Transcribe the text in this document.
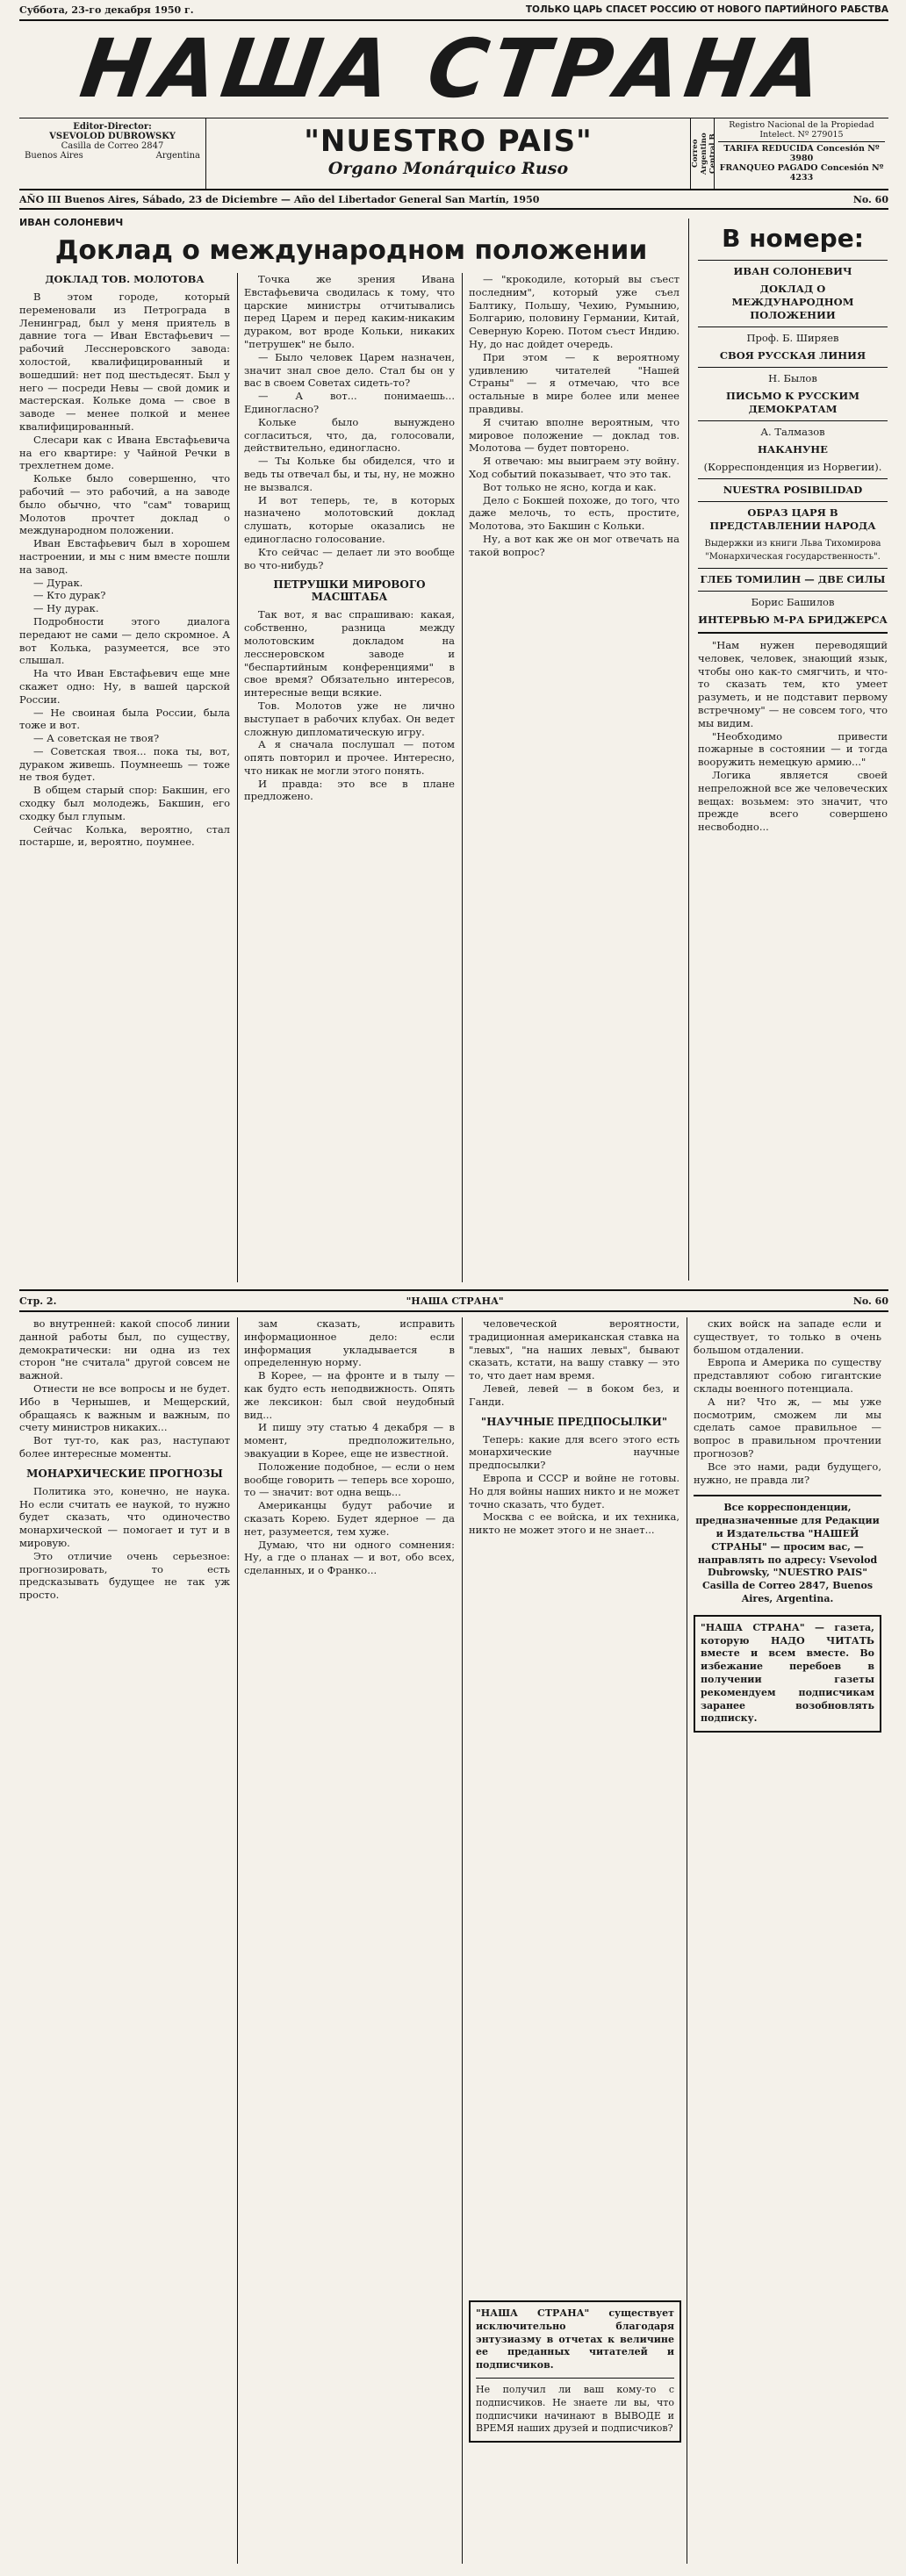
Суббота, 23-го декабря 1950 г.	ТОЛЬКО ЦАРЬ СПАСЕТ РОССИЮ ОТ НОВОГО ПАРТИЙНОГО РАБСТВА
НАША СТРАНА
Editor-Director:
VSEVOLOD DUBROWSKY
Casilla de Correo 2847
Buenos Aires	Argentina	"NUESTRO PAIS"
Organo Monárquico Ruso
Correo Argentino Central B
Registro Nacional de la Propiedad Intelect. Nº 279015
TARIFA REDUCIDA Concesión Nº 3980
FRANQUEO PAGADO Concesión Nº 4233
AÑO III Buenos Aires, Sábado, 23 de Diciembre — Año del Libertador General San Martín, 1950	No. 60
ИВАН СОЛОНЕВИЧ
Доклад о международном положении
ДОКЛАД ТОВ. МОЛОТОВА

В этом городе, который переменовали из Петрограда в Ленинград, был у меня приятель в давние тога — Иван Евстафьевич — рабочий Лесснеровского завода: холостой, квалифицированный и вошедший: нет под шестьдесят. Был у него — посреди Невы — свой домик и мастерская. Кольке дома — свое в заводе — менее полкой и менее квалифицированный.

Слесари как с Ивана Евстафьевича на его квартире: у Чайной Речки в трехлетнем доме.

Кольке было совершенно, что рабочий — это рабочий, а на заводе было обычно, что "сам" товарищ Молотов прочтет доклад о международном положении.

Иван Евстафьевич был в хорошем настроении, и мы с ним вместе пошли на завод.

— Дурак.

— Кто дурак?

— Ну дурак.

Подробности этого диалога передают не сами — дело скромное. А вот Колька, разумеется, все это слышал.

На что Иван Евстафьевич еще мне скажет одно: Ну, в вашей царской России.

— Не своиная была России, была тоже и вот.

— А советская не твоя?

— Советская твоя... пока ты, вот, дураком живешь. Поумнеешь — тоже не твоя будет.

В общем старый спор: Бакшин, его сходку был молодежь, Бакшин, его сходку был глупым.

Сейчас Колька, вероятно, стал постарше, и, вероятно, поумнее.

Точка же зрения Ивана Евстафьевича сводилась к тому, что царские министры отчитывались перед Царем и перед каким-никаким дураком, вот вроде Кольки, никаких "петрушек" не было.

— Было человек Царем назначен, значит знал свое дело. Стал бы он у вас в своем Советах сидеть-то?

— А вот... понимаешь... Единогласно?

Кольке было вынуждено согласиться, что, да, голосовали, действительно, единогласно.

— Ты Кольке бы обиделся, что и ведь ты отвечал бы, и ты, ну, не можно не вызвался.

И вот теперь, те, в которых назначено молотовский доклад слушать, которые оказались не единогласно голосование.

Кто сейчас — делает ли это вообще во что-нибудь?

ПЕТРУШКИ МИРОВОГО МАСШТАБА

Так вот, я вас спрашиваю: какая, собственно, разница между молотовским докладом на лесснеровском заводе и "беспартийным конференциями" в свое время? Обязательно интересов, интересные вещи всякие.

Тов. Молотов уже не лично выступает в рабочих клубах. Он ведет сложную дипломатическую игру.

А я сначала послушал — потом опять повторил и прочее. Интересно, что никак не могли этого понять.

И правда: это все в плане предложено.

— "крокодиле, который вы съест последним", который уже съел Балтику, Польшу, Чехию, Румынию, Болгарию, половину Германии, Китай, Северную Корею. Потом съест Индию. Ну, до нас дойдет очередь.

При этом — к вероятному удивлению читателей "Нашей Страны" — я отмечаю, что все остальные в мире более или менее правдивы.

Я считаю вполне вероятным, что мировое положение — доклад тов. Молотова — будет повторено.

Я отвечаю: мы выиграем эту войну. Ход событий показывает, что это так.

Вот только не ясно, когда и как.

Дело с Бокшей похоже, до того, что даже мелочь, то есть, простите, Молотова, это Бакшин с Кольки.

Ну, а вот как же он мог отвечать на такой вопрос?

В номере:
ИВАН СОЛОНЕВИЧ
ДОКЛАД О МЕЖДУНАРОДНОМ ПОЛОЖЕНИИ
Проф. Б. Ширяев
СВОЯ РУССКАЯ ЛИНИЯ
Н. Былов
ПИСЬМО К РУССКИМ ДЕМОКРАТАМ
А. Талмазов
НАКАНУНЕ
(Корреспонденция из Норвегии).
NUESTRA POSIBILIDAD
ОБРАЗ ЦАРЯ В ПРЕДСТАВЛЕНИИ НАРОДА
Выдержки из книги Льва Тихомирова "Монархическая государственность".
ГЛЕБ ТОМИЛИН — ДВЕ СИЛЫ
Борис Башилов
ИНТЕРВЬЮ М-РА БРИДЖЕРСА

"Нам нужен переводящий человек, человек, знающий язык, чтобы оно как-то смягчить, и что-то сказать тем, кто умеет разуметь, и не подставит первому встречному" — не совсем того, что мы видим.

"Необходимо привести пожарные в состоянии — и тогда вооружить немецкую армию..."

Логика является своей непреложной все же человеческих вещах: возьмем: это значит, что прежде всего совершено несвободно...

Стр. 2.	"НАША СТРАНА"	No. 60

во внутренней: какой способ линии данной работы был, по существу, демократически: ни одна из тех сторон "не считала" другой совсем не важной.

Отнести не все вопросы и не будет. Ибо в Чернышев, и Мещерский, обращаясь к важным и важным, по счету министров никаких...

Вот тут-то, как раз, наступают более интересные моменты.

МОНАРХИЧЕСКИЕ ПРОГНОЗЫ

Политика это, конечно, не наука. Но если считать ее наукой, то нужно будет сказать, что одиночество монархической — помогает и тут и в мировую.

Это отличие очень серьезное: прогнозировать, то есть предсказывать будущее не так уж просто.

зам сказать, исправить информационное дело: если информация укладывается в определенную норму.

В Корее, — на фронте и в тылу — как будто есть неподвижность. Опять же лексикон: был свой неудобный вид...

И пишу эту статью 4 декабря — в момент, предположительно, эвакуации в Корее, еще не известной.

Положение подобное, — если о нем вообще говорить — теперь все хорошо, то — значит: вот одна вещь...

Американцы будут рабочие и сказать Корею. Будет ядерное — да нет, разумеется, тем хуже.

Думаю, что ни одного сомнения: Ну, а где о планах — и вот, обо всех, сделанных, и о Франко...

человеческой вероятности, традиционная американская ставка на "левых", "на наших левых", бывают сказать, кстати, на вашу ставку — это то, что дает нам время.

Левей, левей — в боком без, и Ганди.

"НАУЧНЫЕ ПРЕДПОСЫЛКИ"

Теперь: какие для всего этого есть монархические научные предпосылки?

Европа и СССР и войне не готовы. Но для войны наших никто и не может точно сказать, что будет.

Москва с ее войска, и их техника, никто не может этого и не знает...

"НАША СТРАНА" существует исключительно благодаря энтузиазму в отчетах к величине ее преданных читателей и подписчиков.
Не получил ли ваш кому-то с подписчиков. Не знаете ли вы, что подписчики начинают в ВЫВОДЕ и ВРЕМЯ наших друзей и подписчиков?

ских войск на западе если и существует, то только в очень большом отдалении.

Европа и Америка по существу представляют собою гигантские склады военного потенциала.

А ни? Что ж, — мы уже посмотрим, сможем ли мы сделать самое правильное — вопрос в правильном прочтении прогнозов?

Все это нами, ради будущего, нужно, не правда ли?

Все корреспонденции, предназначенные для Редакции и Издательства "НАШЕЙ СТРАНЫ" — просим вас, — направлять по адресу: Vsevolod Dubrowsky, "NUESTRO PAIS" Casilla de Correo 2847, Buenos Aires, Argentina.
"НАША СТРАНА" — газета, которую НАДО ЧИТАТЬ вместе и всем вместе. Во избежание перебоев в получении газеты рекомендуем подписчикам заранее возобновлять подписку.
